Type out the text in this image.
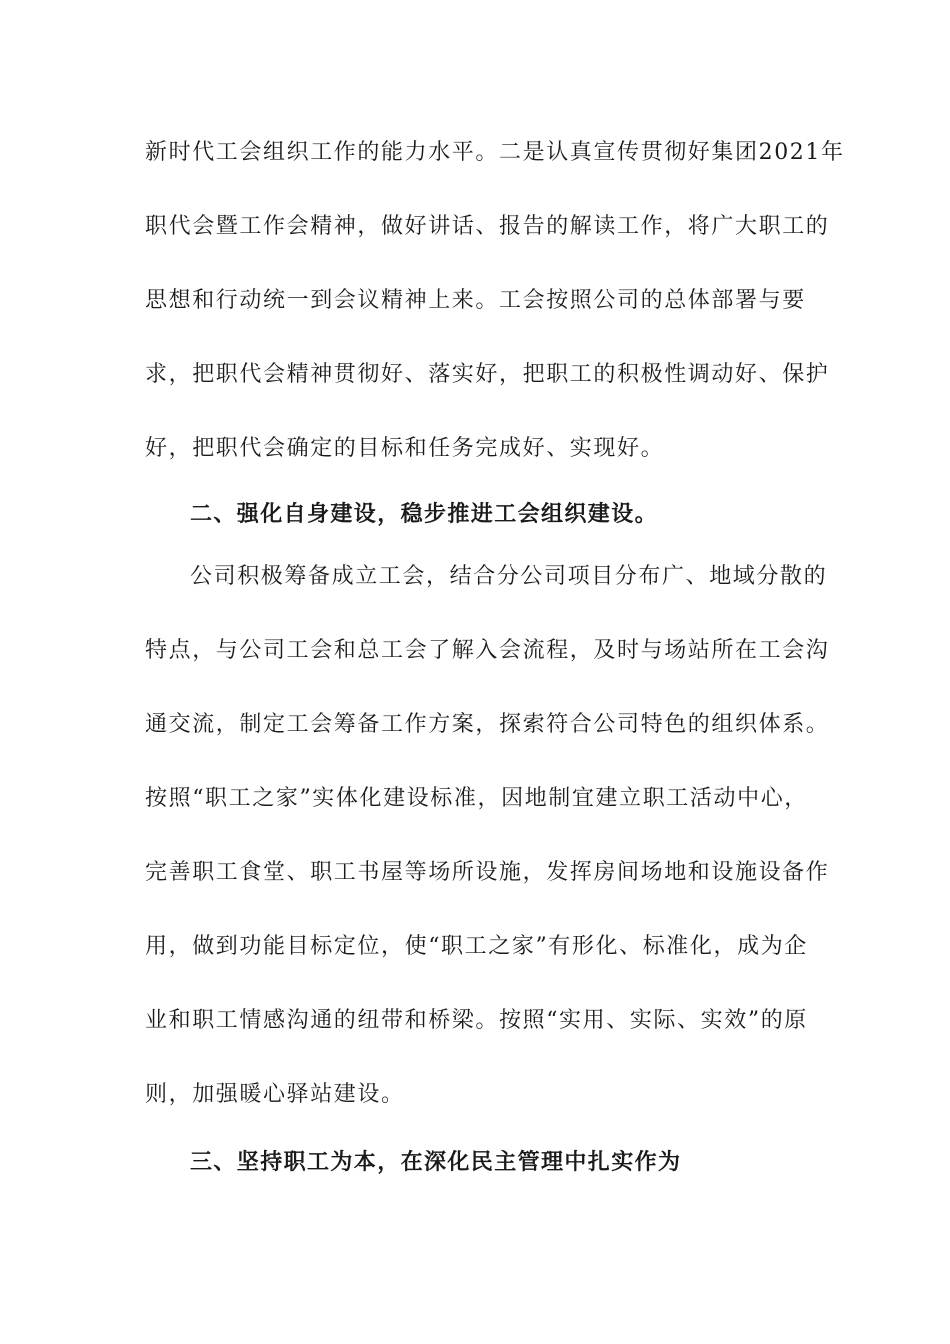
新时代工会组织工作的能力水平。二是认真宣传贯彻好集团2021年
职代会暨工作会精神，做好讲话、报告的解读工作，将广大职工的
思想和行动统一到会议精神上来。工会按照公司的总体部署与要
求，把职代会精神贯彻好、落实好，把职工的积极性调动好、保护
好，把职代会确定的目标和任务完成好、实现好。
二、强化自身建设，稳步推进工会组织建设。
公司积极筹备成立工会，结合分公司项目分布广、地域分散的
特点，与公司工会和总工会了解入会流程，及时与场站所在工会沟
通交流，制定工会筹备工作方案，探索符合公司特色的组织体系。
按照“职工之家”实体化建设标准，因地制宜建立职工活动中心，
完善职工食堂、职工书屋等场所设施，发挥房间场地和设施设备作
用，做到功能目标定位，使“职工之家”有形化、标准化，成为企
业和职工情感沟通的纽带和桥梁。按照“实用、实际、实效”的原
则，加强暖心驿站建设。
三、坚持职工为本，在深化民主管理中扎实作为
